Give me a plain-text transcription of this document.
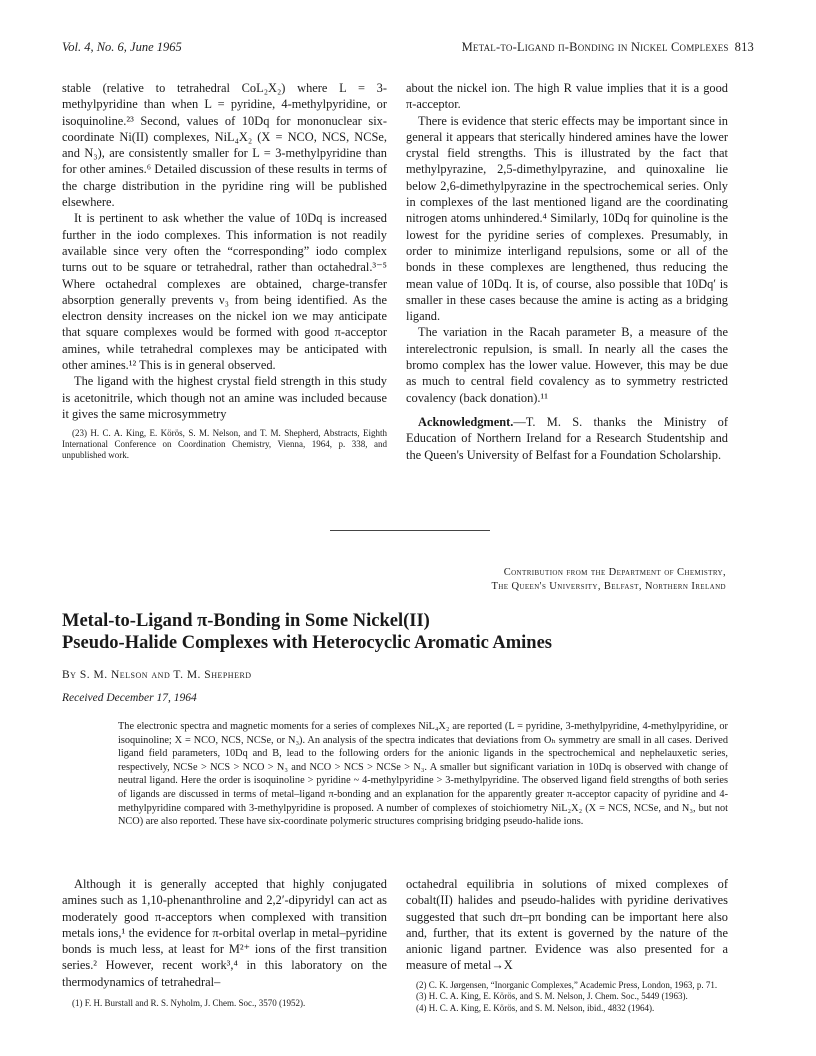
Vol. 4, No. 6, June 1965	Metal-to-Ligand π-Bonding in Nickel Complexes 813

stable (relative to tetrahedral CoL₂X₂) where L = 3-methylpyridine than when L = pyridine, 4-methylpyridine, or isoquinoline.²³ Second, values of 10Dq for mononuclear six-coordinate Ni(II) complexes, NiL₄X₂ (X = NCO, NCS, NCSe, and N₃), are consistently smaller for L = 3-methylpyridine than for other amines.⁶ Detailed discussion of these results in terms of the charge distribution in the pyridine ring will be published elsewhere.

It is pertinent to ask whether the value of 10Dq is increased further in the iodo complexes. This information is not readily available since very often the “corresponding” iodo complex turns out to be square or tetrahedral, rather than octahedral.³⁻⁵ Where octahedral complexes are obtained, charge-transfer absorption generally prevents ν₃ from being identified. As the electron density increases on the nickel ion we may anticipate that square complexes would be formed with good π-acceptor amines, while tetrahedral complexes may be anticipated with other amines.¹² This is in general observed.

The ligand with the highest crystal field strength in this study is acetonitrile, which though not an amine was included because it gives the same microsymmetry

(23) H. C. A. King, E. Körös, S. M. Nelson, and T. M. Shepherd, Abstracts, Eighth International Conference on Coordination Chemistry, Vienna, 1964, p. 338, and unpublished work.

about the nickel ion. The high R value implies that it is a good π-acceptor.

There is evidence that steric effects may be important since in general it appears that sterically hindered amines have the lower crystal field strengths. This is illustrated by the fact that methylpyrazine, 2,5-dimethylpyrazine, and quinoxaline lie below 2,6-dimethylpyrazine in the spectrochemical series. Only in complexes of the last mentioned ligand are the coordinating nitrogen atoms unhindered.⁴ Similarly, 10Dq for quinoline is the lowest for the pyridine series of complexes. Presumably, in order to minimize interligand repulsions, some or all of the bonds in these complexes are lengthened, thus reducing the mean value of 10Dq. It is, of course, also possible that 10Dq′ is smaller in these cases because the amine is acting as a bridging ligand.

The variation in the Racah parameter B, a measure of the interelectronic repulsion, is small. In nearly all the cases the bromo complex has the lower value. However, this may be due as much to central field covalency as to symmetry restricted covalency (back donation).¹¹

Acknowledgment.—T. M. S. thanks the Ministry of Education of Northern Ireland for a Research Studentship and the Queen's University of Belfast for a Foundation Scholarship.

Contribution from the Department of Chemistry,
The Queen's University, Belfast, Northern Ireland
Metal-to-Ligand π-Bonding in Some Nickel(II)
Pseudo-Halide Complexes with Heterocyclic Aromatic Amines
By S. M. Nelson and T. M. Shepherd
Received December 17, 1964
The electronic spectra and magnetic moments for a series of complexes NiL₄X₂ are reported (L = pyridine, 3-methylpyridine, 4-methylpyridine, or isoquinoline; X = NCO, NCS, NCSe, or N₃). An analysis of the spectra indicates that deviations from Oₕ symmetry are small in all cases. Derived ligand field parameters, 10Dq and B, lead to the following orders for the anionic ligands in the spectrochemical and nephelauxetic series, respectively, NCSe > NCS > NCO > N₃ and NCO > NCS > NCSe > N₃. A smaller but significant variation in 10Dq is observed with change of neutral ligand. Here the order is isoquinoline > pyridine ~ 4-methylpyridine > 3-methylpyridine. The observed ligand field strengths of both series of ligands are discussed in terms of metal–ligand π-bonding and an explanation for the apparently greater π-acceptor capacity of pyridine and 4-methylpyridine compared with 3-methylpyridine is proposed. A number of complexes of stoichiometry NiL₂X₂ (X = NCS, NCSe, and N₃, but not NCO) are also reported. These have six-coordinate polymeric structures comprising bridging pseudo-halide ions.

Although it is generally accepted that highly conjugated amines such as 1,10-phenanthroline and 2,2′-dipyridyl can act as moderately good π-acceptors when complexed with transition metals ions,¹ the evidence for π-orbital overlap in metal–pyridine bonds is much less, at least for M²⁺ ions of the first transition series.² However, recent work³,⁴ in this laboratory on the thermodynamics of tetrahedral–

(1) F. H. Burstall and R. S. Nyholm, J. Chem. Soc., 3570 (1952).

octahedral equilibria in solutions of mixed complexes of cobalt(II) halides and pseudo-halides with pyridine derivatives suggested that such dπ–pπ bonding can be important here also and, further, that its extent is governed by the nature of the anionic ligand partner. Evidence was also presented for a measure of metal→X

(2) C. K. Jørgensen, “Inorganic Complexes,” Academic Press, London, 1963, p. 71.
(3) H. C. A. King, E. Körös, and S. M. Nelson, J. Chem. Soc., 5449 (1963).
(4) H. C. A. King, E. Körös, and S. M. Nelson, ibid., 4832 (1964).
